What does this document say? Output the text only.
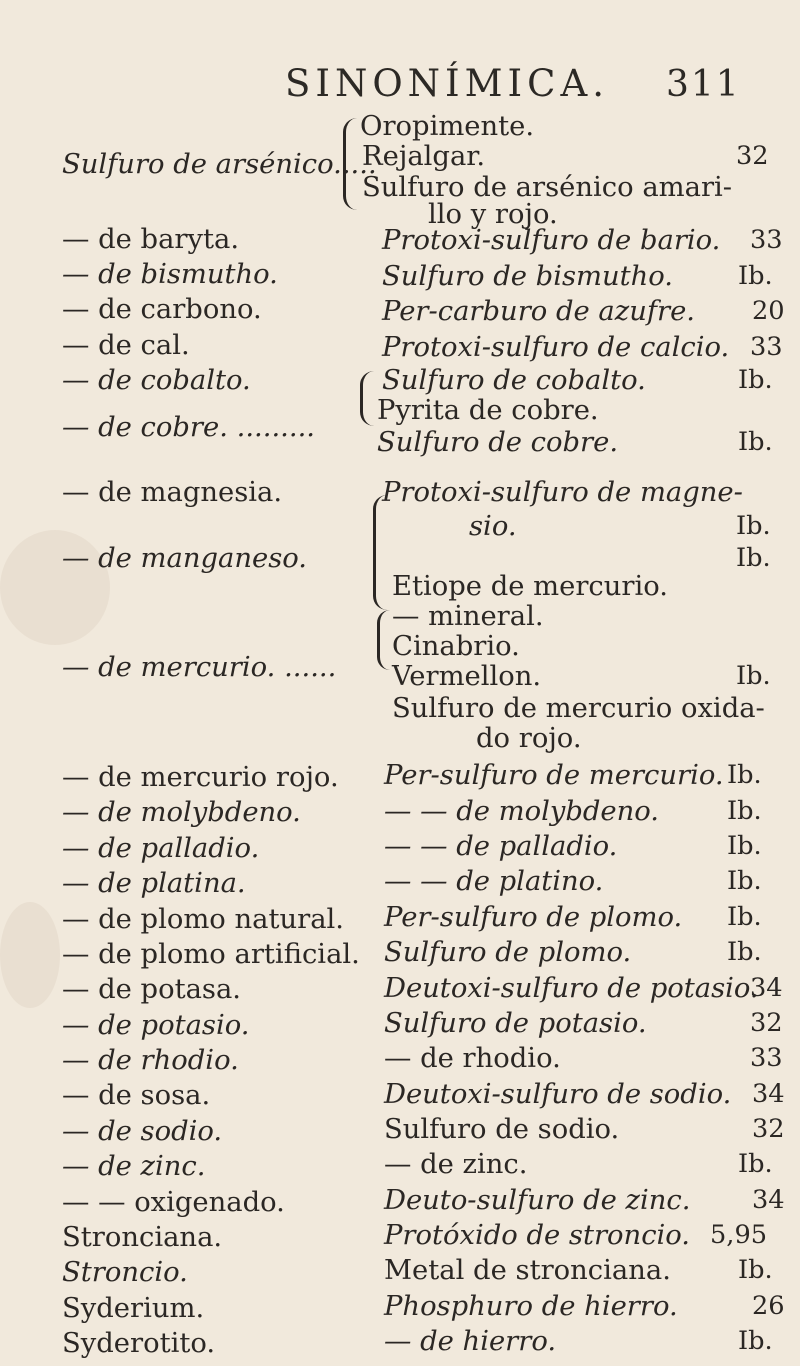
SINONÍMICA. 311
Sulfuro de arsénico.....
— de baryta.
— de bismutho.
— de carbono.
— de cal.
— de cobalto.
— de cobre. .........
— de magnesia.
— de manganeso.
— de mercurio. ......
— de mercurio rojo.
— de molybdeno.
— de palladio.
— de platina.
— de plomo natural.
— de plomo artificial.
— de potasa.
— de potasio.
— de rhodio.
— de sosa.
— de sodio.
— de zinc.
— — oxigenado.
Stronciana.
Stroncio.
Syderium.
Syderotito.
Oropimente.
Rejalgar.
Sulfuro de arsénico amari-
llo y rojo.
Protoxi-sulfuro de bario.
Sulfuro de bismutho.
Per-carburo de azufre.
Protoxi-sulfuro de calcio.
Sulfuro de cobalto.
Pyrita de cobre.
Sulfuro de cobre.
Protoxi-sulfuro de magne-
sio.
Etiope de mercurio.
— mineral.
Cinabrio.
Vermellon.
Sulfuro de mercurio oxida-
do rojo.
Per-sulfuro de mercurio.
— — de molybdeno.
— — de palladio.
— — de platino.
Per-sulfuro de plomo.
Sulfuro de plomo.
Deutoxi-sulfuro de potasio.
Sulfuro de potasio.
— de rhodio.
Deutoxi-sulfuro de sodio.
Sulfuro de sodio.
— de zinc.
Deuto-sulfuro de zinc.
Protóxido de stroncio.
Metal de stronciana.
Phosphuro de hierro.
— de hierro.
32
33
Ib.
20
33
Ib.
Ib.
Ib.
Ib.
Ib.
Ib.
Ib.
Ib.
Ib.
Ib.
Ib.
34
32
33
34
32
Ib.
34
5,95
Ib.
26
Ib.
